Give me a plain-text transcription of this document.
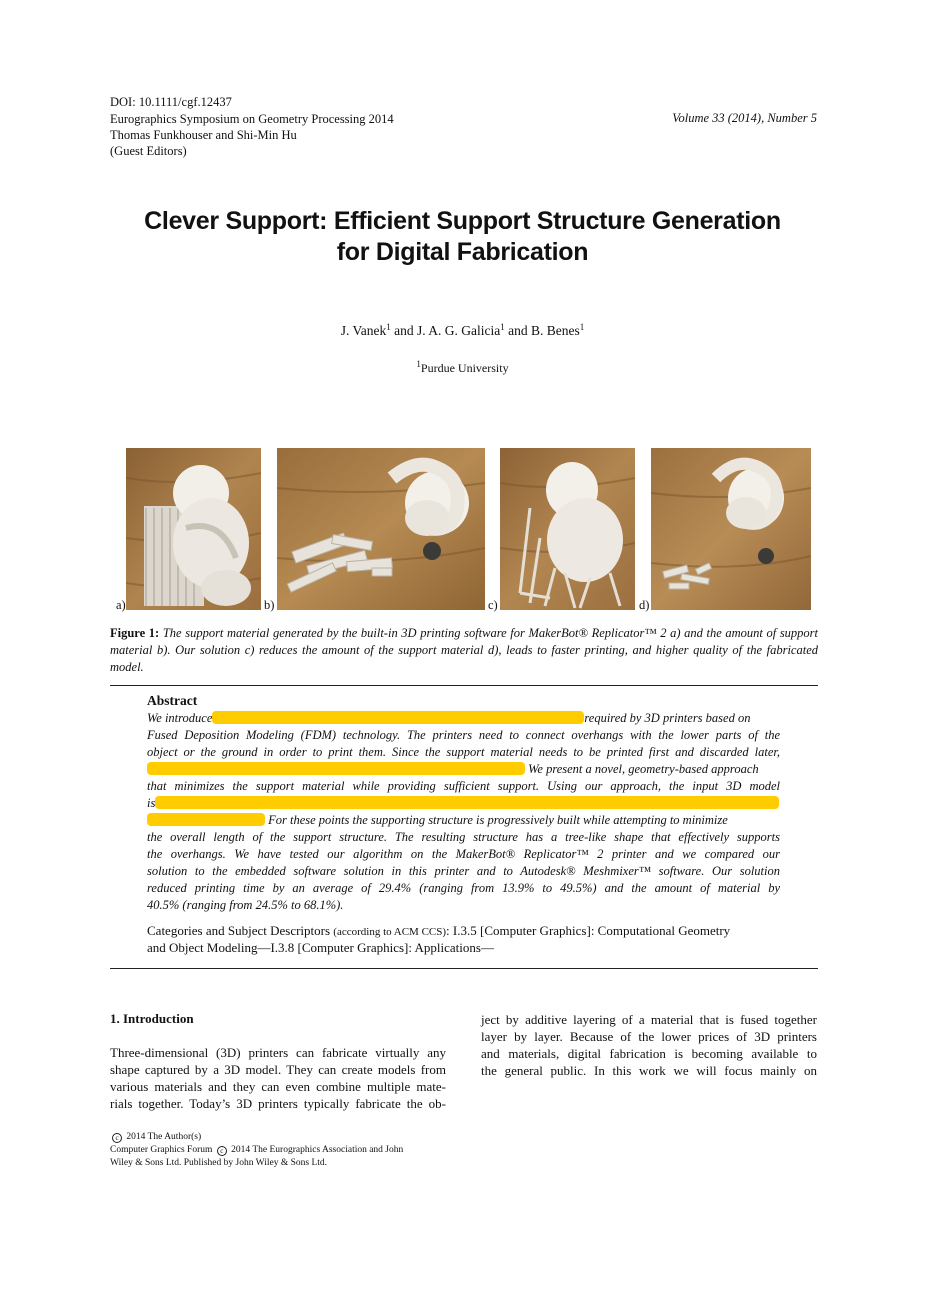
DOI: 10.1111/cgf.12437
Eurographics Symposium on Geometry Processing 2014
Thomas Funkhouser and Shi-Min Hu
(Guest Editors)
Volume 33 (2014), Number 5
Clever Support: Efficient Support Structure Generation
for Digital Fabrication
J. Vanek$^1$ and J. A. G. Galicia$^1$ and B. Benes$^1$
$^1$Purdue University
a)	b)	c)	d)
Figure 1: The support material generated by the built-in 3D printing software for MakerBot® Replicator™ 2 a) and the amount of support material b). Our solution c) reduces the amount of the support material d), leads to faster printing, and higher quality of the fabricated model.
Abstract
We introduce	required by 3D printers based on
Fused Deposition Modeling (FDM) technology. The printers need to connect overhangs with the lower parts of the
object or the ground in order to print them. Since the support material needs to be printed first and discarded later,
We present a novel, geometry-based approach
that minimizes the support material while providing sufficient support. Using our approach, the input 3D model
is
For these points the supporting structure is progressively built while attempting to minimize
the overall length of the support structure. The resulting structure has a tree-like shape that effectively supports
the overhangs. We have tested our algorithm on the MakerBot® Replicator™ 2 printer and we compared our
solution to the embedded software solution in this printer and to Autodesk® Meshmixer™ software. Our solution
reduced printing time by an average of 29.4% (ranging from 13.9% to 49.5%) and the amount of material by
40.5% (ranging from 24.5% to 68.1%).
Categories and Subject Descriptors (according to ACM CCS): I.3.5 [Computer Graphics]: Computational Geometry
and Object Modeling—I.3.8 [Computer Graphics]: Applications—
1. Introduction
Three-dimensional (3D) printers can fabricate virtually any
shape captured by a 3D model. They can create models from
various materials and they can even combine multiple mate-
rials together. Today’s 3D printers typically fabricate the ob-
ject by additive layering of a material that is fused together
layer by layer. Because of the lower prices of 3D printers
and materials, digital fabrication is becoming available to
the general public. In this work we will focus mainly on
c 2014 The Author(s)
Computer Graphics Forum c 2014 The Eurographics Association and John
Wiley & Sons Ltd. Published by John Wiley & Sons Ltd.
